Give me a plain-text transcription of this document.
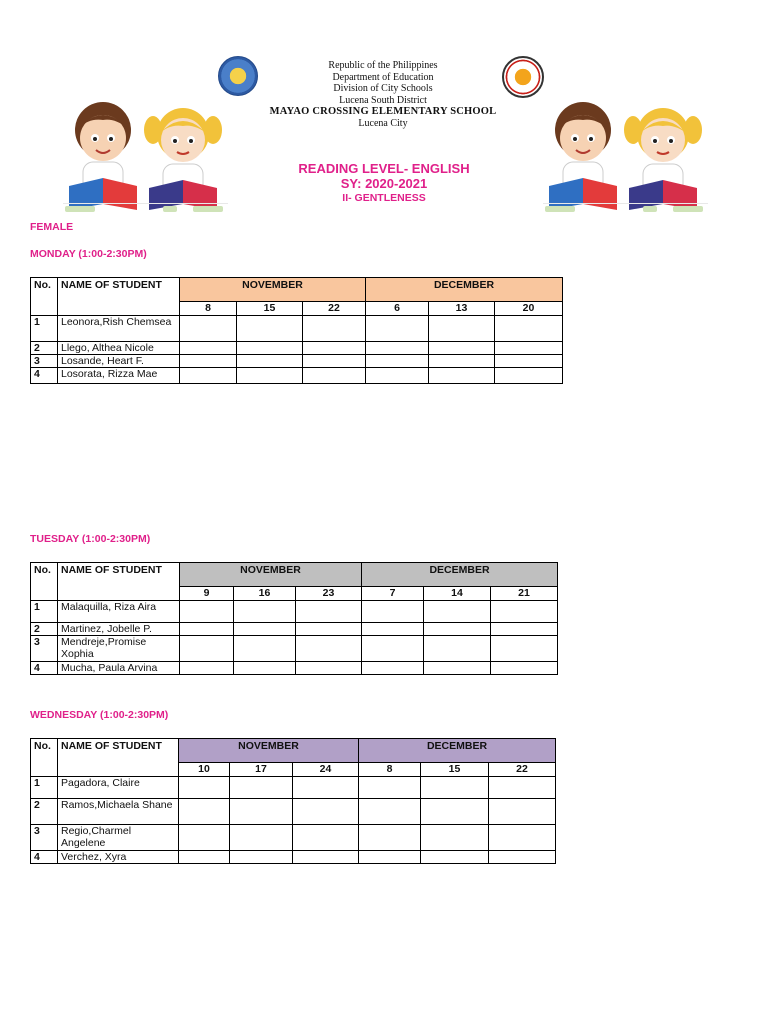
Republic of the Philippines
Department of Education
Division of City Schools
Lucena South District
MAYAO CROSSING ELEMENTARY SCHOOL
Lucena City
READING LEVEL- ENGLISH
SY: 2020-2021
II- GENTLENESS
FEMALE
MONDAY (1:00-2:30PM)
No.	NAME OF STUDENT	NOVEMBER			DECEMBER		
		8	15	22	6	13	20
1	Leonora,Rish Chemsea						
2	Llego, Althea Nicole						
3	Losande, Heart F.						
4	Losorata, Rizza Mae						
TUESDAY (1:00-2:30PM)
No.	NAME OF STUDENT	NOVEMBER			DECEMBER		
		9	16	23	7	14	21
1	Malaquilla, Riza Aira						
2	Martinez, Jobelle P.						
3	Mendreje,Promise Xophia						
4	Mucha, Paula Arvina						
WEDNESDAY (1:00-2:30PM)
No.	NAME OF STUDENT	NOVEMBER			DECEMBER		
		10	17	24	8	15	22
1	Pagadora, Claire						
2	Ramos,Michaela Shane						
3	Regio,Charmel Angelene						
4	Verchez, Xyra						
